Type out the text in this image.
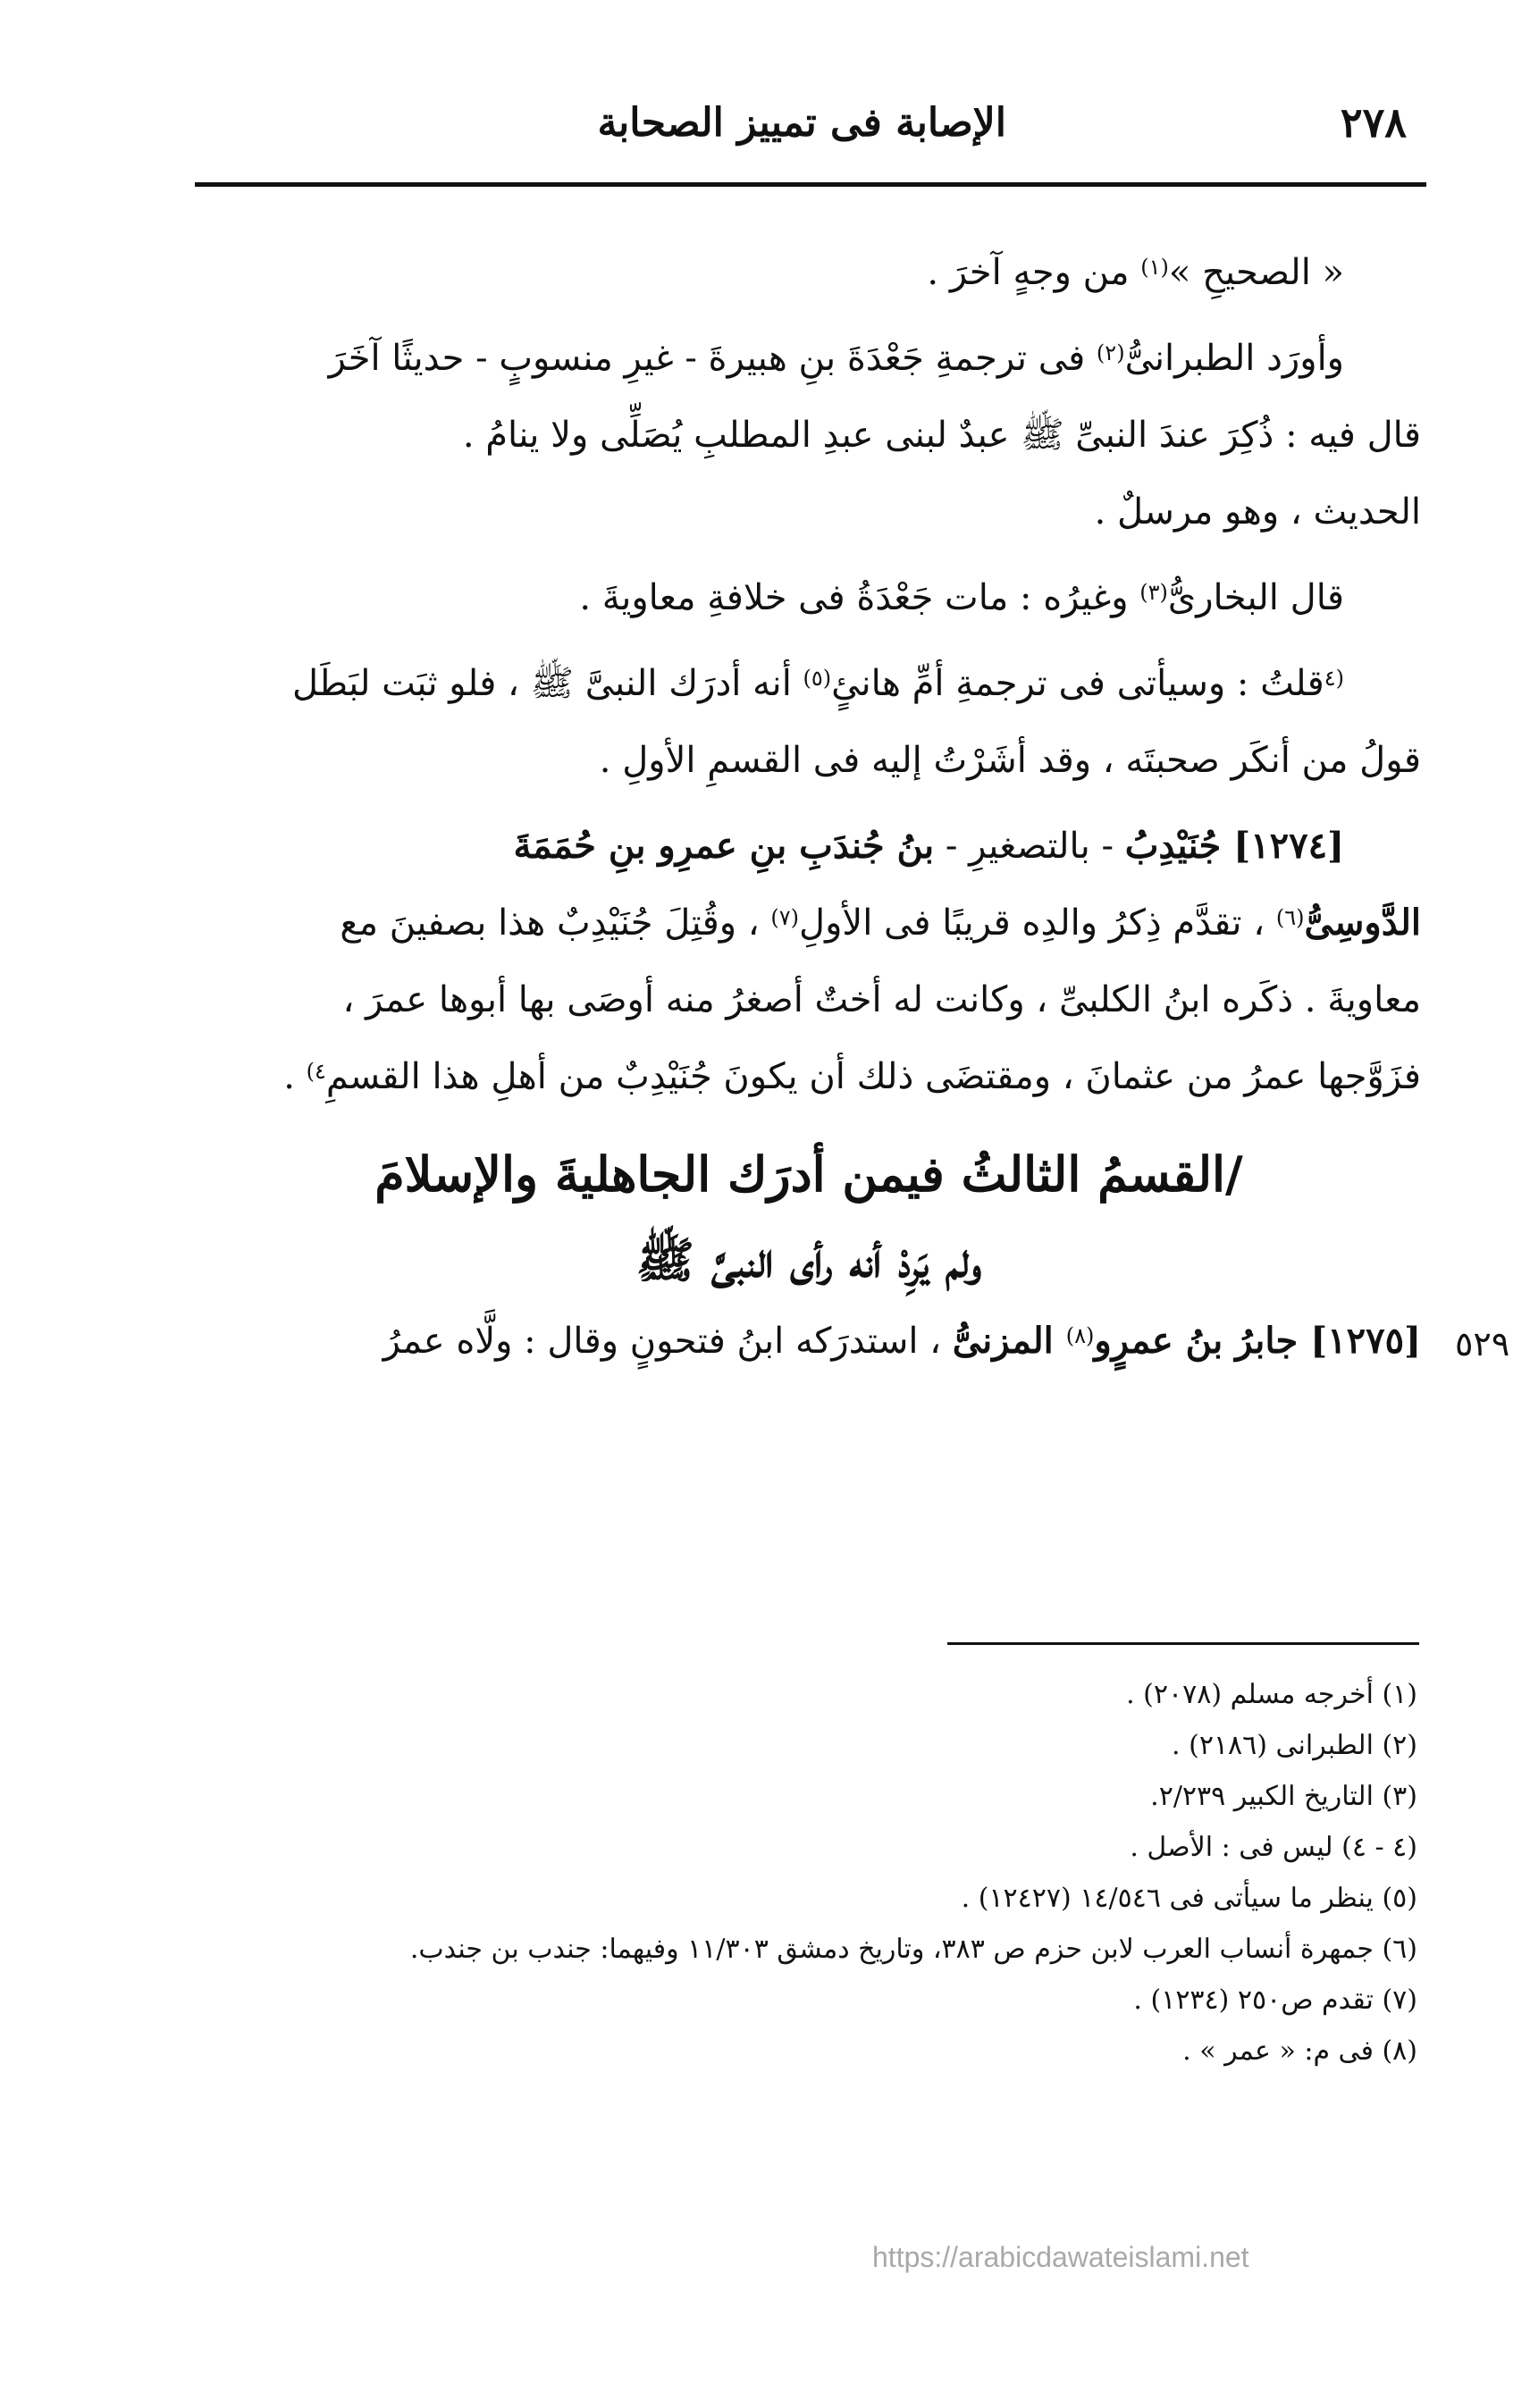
٢٧٨
الإصابة فى تمييز الصحابة
٥٢٩
« الصحيحِ »$^{(١)}$ من وجهٍ آخرَ .
وأورَد الطبرانىُّ$^{(٢)}$ فى ترجمةِ جَعْدَةَ بنِ هبيرةَ - غيرِ منسوبٍ - حديثًا آخَرَ
قال فيه : ذُكِرَ عندَ النبىِّ ﷺ عبدٌ لبنى عبدِ المطلبِ يُصَلِّى ولا ينامُ .
الحديث ، وهو مرسلٌ .
قال البخارىُّ$^{(٣)}$ وغيرُه : مات جَعْدَةُ فى خلافةِ معاويةَ .
$^{(٤}$قلتُ : وسيأتى فى ترجمةِ أمِّ هانئٍ$^{(٥)}$ أنه أدرَك النبىَّ ﷺ ، فلو ثبَت لبَطَل
قولُ من أنكَر صحبتَه ، وقد أشَرْتُ إليه فى القسمِ الأولِ .
[١٢٧٤] جُنَيْدِبُ - بالتصغيرِ - بنُ جُندَبِ بنِ عمرِو بنِ حُمَمَةَ
الدَّوسِىُّ$^{(٦)}$ ، تقدَّم ذِكرُ والدِه قريبًا فى الأولِ$^{(٧)}$ ، وقُتِلَ جُنَيْدِبٌ هذا بصفينَ مع
معاويةَ . ذكَره ابنُ الكلبىِّ ، وكانت له أختٌ أصغرُ منه أوصَى بها أبوها عمرَ ،
فزَوَّجها عمرُ من عثمانَ ، ومقتضَى ذلك أن يكونَ جُنَيْدِبٌ من أهلِ هذا القسمِ$^{٤)}$ .
/القسمُ الثالثُ فيمن أدرَك الجاهليةَ والإسلامَ
ولم يَرِدْ أنه رأى النبىَّ ﷺ
[١٢٧٥] جابرُ بنُ عمرٍو$^{(٨)}$ المزنىُّ ، استدرَكه ابنُ فتحونٍ وقال : ولَّاه عمرُ
(١) أخرجه مسلم (٢٠٧٨) .
(٢) الطبرانى (٢١٨٦) .
(٣) التاريخ الكبير ٢/٢٣٩.
(٤ - ٤) ليس فى : الأصل .
(٥) ينظر ما سيأتى فى ١٤/٥٤٦ (١٢٤٢٧) .
(٦) جمهرة أنساب العرب لابن حزم ص ٣٨٣، وتاريخ دمشق ١١/٣٠٣ وفيهما: جندب بن جندب.
(٧) تقدم ص٢٥٠ (١٢٣٤) .
(٨) فى م: « عمر » .
https://arabicdawateislami.net
